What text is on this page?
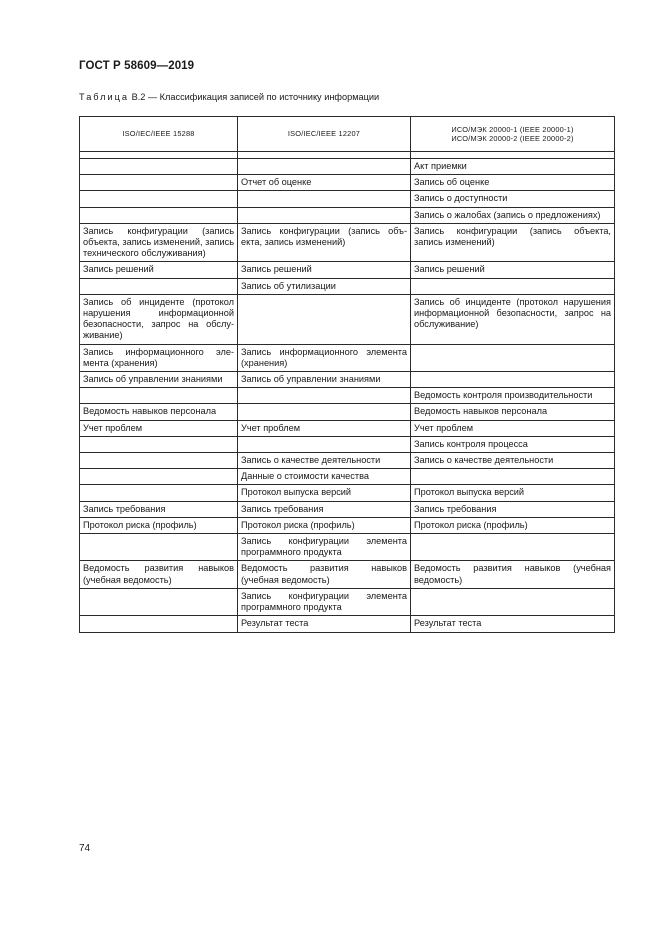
ГОСТ Р 58609—2019
Таблица В.2 — Классификация записей по источнику информации
ISO/IEC/IEEE 15288	ISO/IEC/IEEE 12207	ИСО/МЭК 20000-1 (IEEE 20000-1)
ИСО/МЭК 20000-2 (IEEE 20000-2)

		Акт приемки
	Отчет об оценке	Запись об оценке
		Запись о доступности
		Запись о жалобах (запись о предложениях)
Запись конфигурации (запись объекта, запись изменений, запись технического обслуживания)	Запись конфигурации (запись объекта, запись изменений)	Запись конфигурации (запись объекта, запись изменений)
Запись решений	Запись решений	Запись решений
	Запись об утилизации	
Запись об инциденте (протокол нарушения информационной безопасности, запрос на обслуживание)		Запись об инциденте (протокол нарушения информационной безопасности, запрос на обслуживание)
Запись информационного элемента (хранения)	Запись информационного элемента (хранения)	
Запись об управлении знаниями	Запись об управлении знаниями	
		Ведомость контроля производительности
Ведомость навыков персонала		Ведомость навыков персонала
Учет проблем	Учет проблем	Учет проблем
		Запись контроля процесса
	Запись о качестве деятельности	Запись о качестве деятельности
	Данные о стоимости качества	
	Протокол выпуска версий	Протокол выпуска версий
Запись требования	Запись требования	Запись требования
Протокол риска (профиль)	Протокол риска (профиль)	Протокол риска (профиль)
	Запись конфигурации элемента программного продукта	
Ведомость развития навыков (учебная ведомость)	Ведомость развития навыков (учебная ведомость)	Ведомость развития навыков (учебная ведомость)
	Запись конфигурации элемента программного продукта	
	Результат теста	Результат теста
74
